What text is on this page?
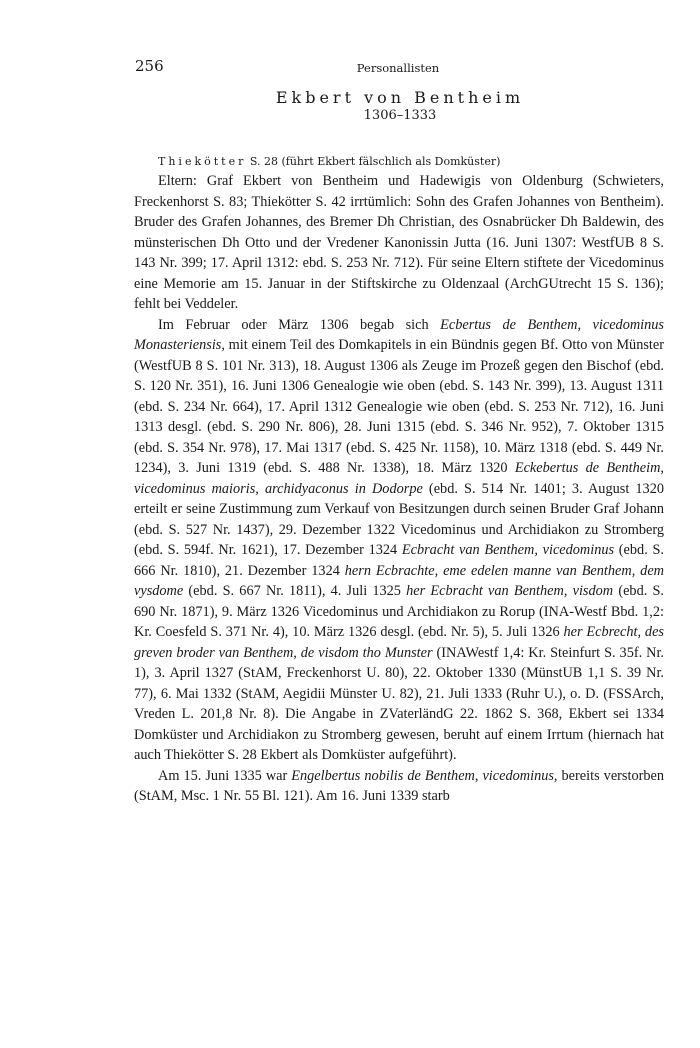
256	Personallisten
Ekbert von Bentheim
1306–1333
Thiekötter S. 28 (führt Ekbert fälschlich als Domküster)

Eltern: Graf Ekbert von Bentheim und Hadewigis von Oldenburg (Schwieters, Freckenhorst S. 83; Thiekötter S. 42 irrtümlich: Sohn des Grafen Johannes von Bentheim). Bruder des Grafen Johannes, des Bremer Dh Christian, des Osnabrücker Dh Baldewin, des münsterischen Dh Otto und der Vredener Kanonissin Jutta (16. Juni 1307: WestfUB 8 S. 143 Nr. 399; 17. April 1312: ebd. S. 253 Nr. 712). Für seine Eltern stiftete der Vicedominus eine Memorie am 15. Januar in der Stiftskirche zu Oldenzaal (ArchGUtrecht 15 S. 136); fehlt bei Veddeler.

Im Februar oder März 1306 begab sich Ecbertus de Benthem, vicedominus Monasteriensis, mit einem Teil des Domkapitels in ein Bündnis gegen Bf. Otto von Münster (WestfUB 8 S. 101 Nr. 313), 18. August 1306 als Zeuge im Prozeß gegen den Bischof (ebd. S. 120 Nr. 351), 16. Juni 1306 Genealogie wie oben (ebd. S. 143 Nr. 399), 13. August 1311 (ebd. S. 234 Nr. 664), 17. April 1312 Genealogie wie oben (ebd. S. 253 Nr. 712), 16. Juni 1313 desgl. (ebd. S. 290 Nr. 806), 28. Juni 1315 (ebd. S. 346 Nr. 952), 7. Oktober 1315 (ebd. S. 354 Nr. 978), 17. Mai 1317 (ebd. S. 425 Nr. 1158), 10. März 1318 (ebd. S. 449 Nr. 1234), 3. Juni 1319 (ebd. S. 488 Nr. 1338), 18. März 1320 Eckebertus de Bentheim, vicedominus maioris, archidyaconus in Dodorpe (ebd. S. 514 Nr. 1401; 3. August 1320 erteilt er seine Zustimmung zum Verkauf von Besitzungen durch seinen Bruder Graf Johann (ebd. S. 527 Nr. 1437), 29. Dezember 1322 Vicedominus und Archidiakon zu Stromberg (ebd. S. 594f. Nr. 1621), 17. Dezember 1324 Ecbracht van Benthem, vicedominus (ebd. S. 666 Nr. 1810), 21. Dezember 1324 hern Ecbrachte, eme edelen manne van Benthem, dem vysdome (ebd. S. 667 Nr. 1811), 4. Juli 1325 her Ecbracht van Benthem, visdom (ebd. S. 690 Nr. 1871), 9. März 1326 Vicedominus und Archidiakon zu Rorup (INA-Westf Bbd. 1,2: Kr. Coesfeld S. 371 Nr. 4), 10. März 1326 desgl. (ebd. Nr. 5), 5. Juli 1326 her Ecbrecht, des greven broder van Benthem, de visdom tho Munster (INAWestf 1,4: Kr. Steinfurt S. 35f. Nr. 1), 3. April 1327 (StAM, Freckenhorst U. 80), 22. Oktober 1330 (MünstUB 1,1 S. 39 Nr. 77), 6. Mai 1332 (StAM, Aegidii Münster U. 82), 21. Juli 1333 (Ruhr U.), o. D. (FSSArch, Vreden L. 201,8 Nr. 8). Die Angabe in ZVaterländG 22. 1862 S. 368, Ekbert sei 1334 Domküster und Archidiakon zu Stromberg gewesen, beruht auf einem Irrtum (hiernach hat auch Thiekötter S. 28 Ekbert als Domküster aufgeführt).

Am 15. Juni 1335 war Engelbertus nobilis de Benthem, vicedominus, bereits verstorben (StAM, Msc. 1 Nr. 55 Bl. 121). Am 16. Juni 1339 starb
